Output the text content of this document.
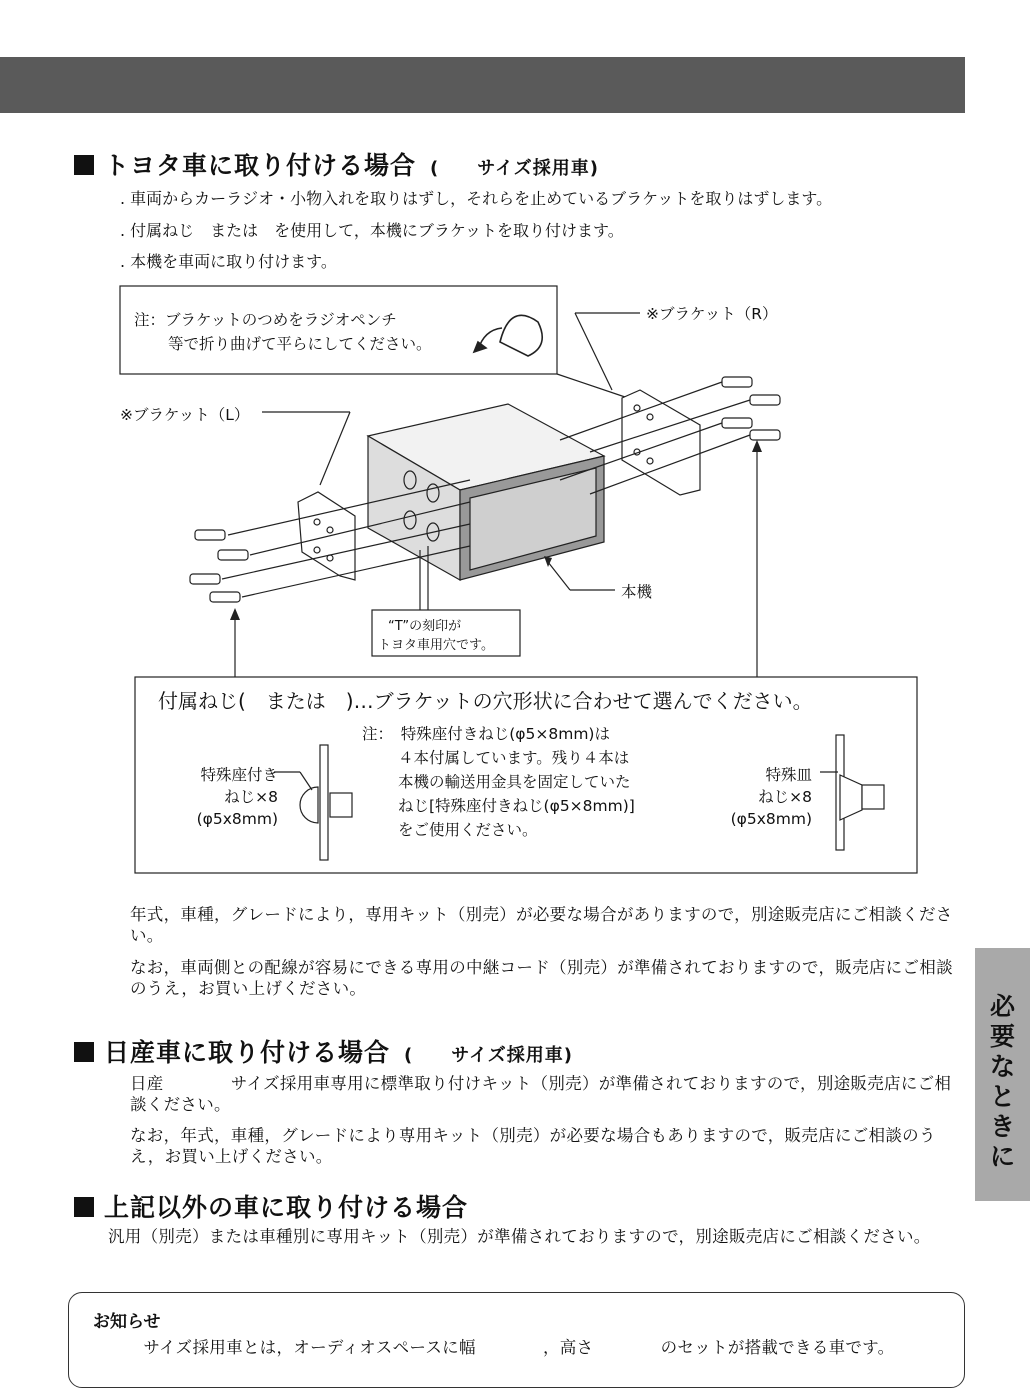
トヨタ車に取り付ける場合 (　　サイズ採用車)
. 車両からカーラジオ・小物入れを取りはずし，それらを止めているブラケットを取りはずします。
. 付属ねじ　または　を使用して，本機にブラケットを取り付けます。
. 本機を車両に取り付けます。
注：ブラケットのつめをラジオペンチ
等で折り曲げて平らにしてください。
※ブラケット（R）
※ブラケット（L）
本機
“T”の刻印が
トヨタ車用穴です。
付属ねじ(　または　)…ブラケットの穴形状に合わせて選んでください。
注：　特殊座付きねじ(φ5×8mm)は
４本付属しています。残り４本は
本機の輸送用金具を固定していた
ねじ[特殊座付きねじ(φ5×8mm)]
をご使用ください。
特殊座付き
ねじ×8
(φ5x8mm)
特殊皿
ねじ×8
(φ5x8mm)
年式，車種，グレードにより，専用キット（別売）が必要な場合がありますので，別途販売店にご相談ください。
なお，車両側との配線が容易にできる専用の中継コード（別売）が準備されておりますので，販売店にご相談のうえ，お買い上げください。
日産車に取り付ける場合 (　　サイズ採用車)
日産　　　　サイズ採用車専用に標準取り付けキット（別売）が準備されておりますので，別途販売店にご相談ください。
なお，年式，車種，グレードにより専用キット（別売）が必要な場合もありますので，販売店にご相談のうえ，お買い上げください。
上記以外の車に取り付ける場合
汎用（別売）または車種別に専用キット（別売）が準備されておりますので，別途販売店にご相談ください。
お知らせ
　　　サイズ採用車とは，オーディオスペースに幅　　　　，高さ　　　　のセットが搭載できる車です。
必
要
な
と
き
に
